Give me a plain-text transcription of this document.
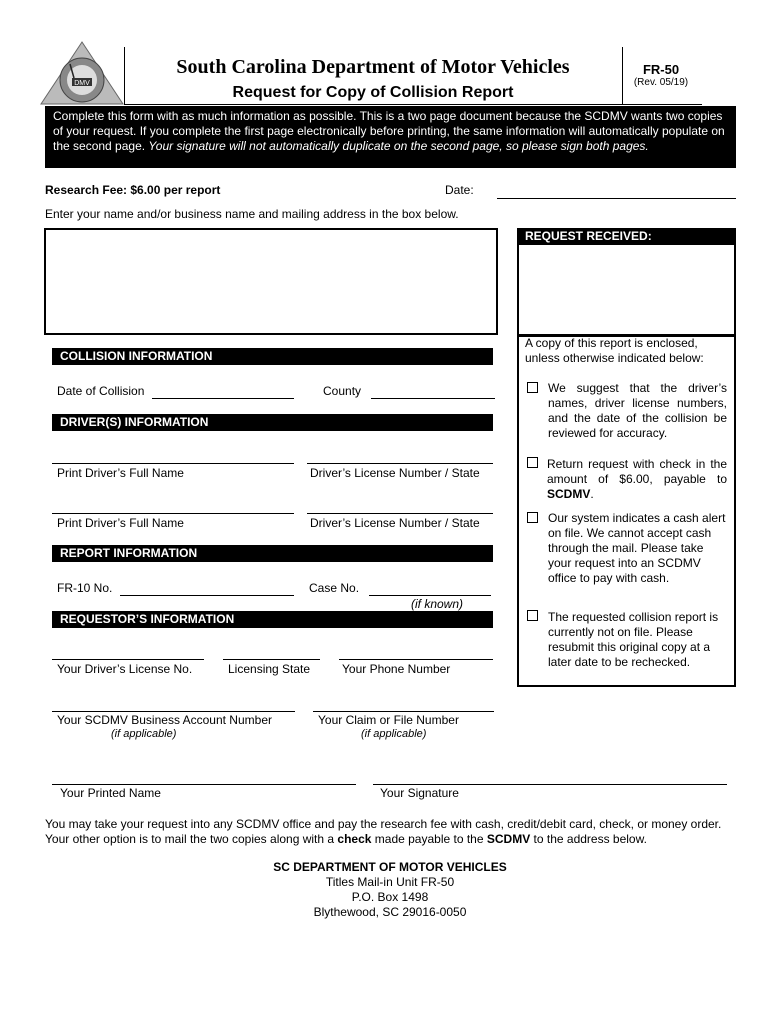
DMV
South Carolina Department of Motor Vehicles
Request for Copy of Collision Report
FR-50
(Rev. 05/19)
Complete this form with as much information as possible. This is a two page document because the SCDMV wants two copies of your request. If you complete the first page electronically before printing, the same information will automatically populate on the second page. Your signature will not automatically duplicate on the second page, so please sign both pages.
Research Fee: $6.00 per report	Date:
Enter your name and/or business name and mailing address in the box below.
REQUEST RECEIVED:
A copy of this report is enclosed, unless otherwise indicated below:
We suggest that the driver’s names, driver license numbers, and the date of the collision be reviewed for accuracy.
Return request with check in the amount of $6.00, payable to SCDMV.
Our system indicates a cash alert on file. We cannot accept cash through the mail. Please take your request into an SCDMV office to pay with cash.
The requested collision report is currently not on file. Please resubmit this original copy at a later date to be rechecked.
COLLISION INFORMATION
Date of Collision	County
DRIVER(S) INFORMATION
Print Driver’s Full Name	Driver’s License Number / State
Print Driver’s Full Name	Driver’s License Number / State
REPORT INFORMATION
FR-10 No.	Case No.
(if known)
REQUESTOR’S INFORMATION
Your Driver’s License No.	Licensing State	Your Phone Number
Your SCDMV Business Account Number	Your Claim or File Number
(if applicable)	(if applicable)
Your Printed Name	Your Signature
You may take your request into any SCDMV office and pay the research fee with cash, credit/debit card, check, or money order. Your other option is to mail the two copies along with a check made payable to the SCDMV to the address below.
SC DEPARTMENT OF MOTOR VEHICLES
Titles Mail-in Unit FR-50
P.O. Box 1498
Blythewood, SC 29016-0050
